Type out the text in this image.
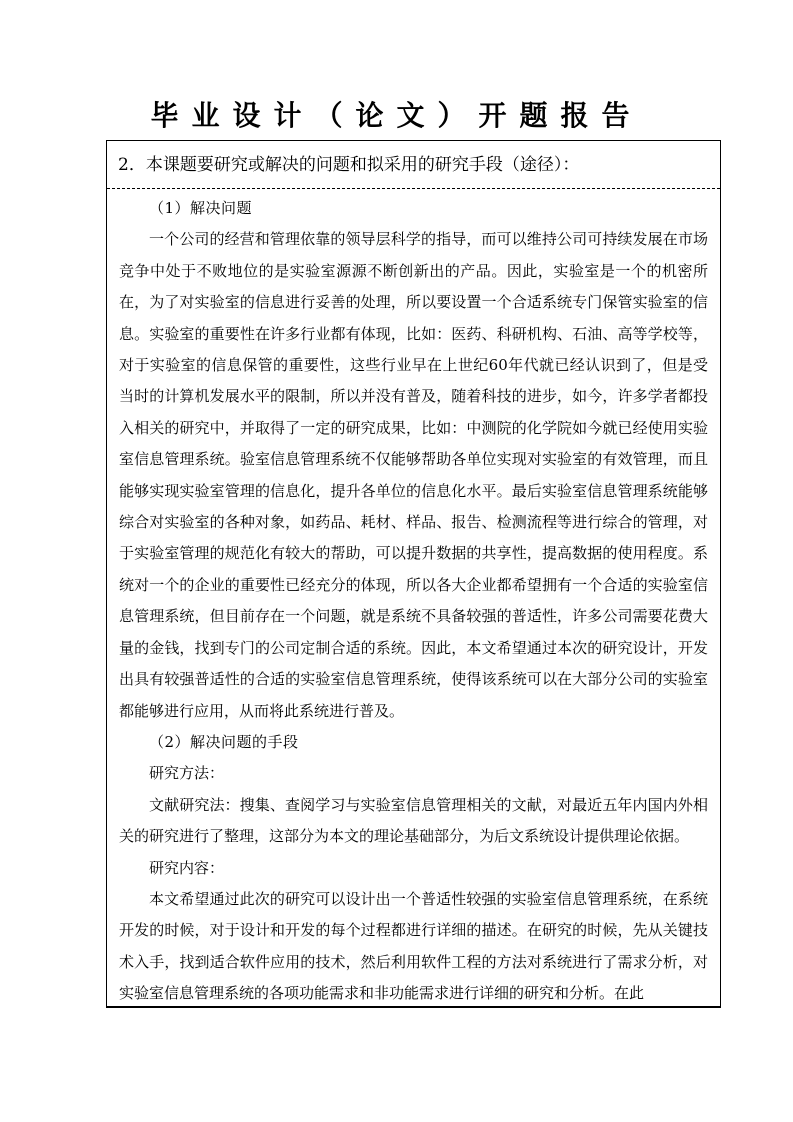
毕业设计（论文）开题报告
2．本课题要研究或解决的问题和拟采用的研究手段（途径）：

（1）解决问题

一个公司的经营和管理依靠的领导层科学的指导，而可以维持公司可持续发展在市场竞争中处于不败地位的是实验室源源不断创新出的产品。因此，实验室是一个的机密所在，为了对实验室的信息进行妥善的处理，所以要设置一个合适系统专门保管实验室的信息。实验室的重要性在许多行业都有体现，比如：医药、科研机构、石油、高等学校等，对于实验室的信息保管的重要性，这些行业早在上世纪60年代就已经认识到了，但是受当时的计算机发展水平的限制，所以并没有普及，随着科技的进步，如今，许多学者都投入相关的研究中，并取得了一定的研究成果，比如：中测院的化学院如今就已经使用实验室信息管理系统。验室信息管理系统不仅能够帮助各单位实现对实验室的有效管理，而且能够实现实验室管理的信息化，提升各单位的信息化水平。最后实验室信息管理系统能够综合对实验室的各种对象，如药品、耗材、样品、报告、检测流程等进行综合的管理，对于实验室管理的规范化有较大的帮助，可以提升数据的共享性，提高数据的使用程度。系统对一个的企业的重要性已经充分的体现，所以各大企业都希望拥有一个合适的实验室信息管理系统，但目前存在一个问题，就是系统不具备较强的普适性，许多公司需要花费大量的金钱，找到专门的公司定制合适的系统。因此，本文希望通过本次的研究设计，开发出具有较强普适性的合适的实验室信息管理系统，使得该系统可以在大部分公司的实验室都能够进行应用，从而将此系统进行普及。

（2）解决问题的手段

研究方法：

文献研究法：搜集、查阅学习与实验室信息管理相关的文献，对最近五年内国内外相关的研究进行了整理，这部分为本文的理论基础部分，为后文系统设计提供理论依据。

研究内容：

本文希望通过此次的研究可以设计出一个普适性较强的实验室信息管理系统，在系统开发的时候，对于设计和开发的每个过程都进行详细的描述。在研究的时候，先从关键技术入手，找到适合软件应用的技术，然后利用软件工程的方法对系统进行了需求分析，对实验室信息管理系统的各项功能需求和非功能需求进行详细的研究和分析。在此
